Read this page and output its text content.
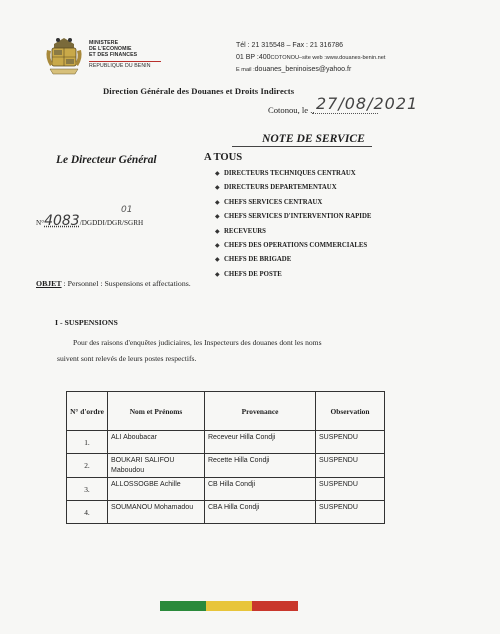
MINISTERE
DE L'ECONOMIE
ET DES FINANCES
REPUBLIQUE DU BENIN
Tél : 21 315548 – Fax : 21 316786
01 BP :400COTONOU–site web :www.douanes-benin.net
E mail :douanes_beninoises@yahoo.fr
Direction Générale des Douanes et Droits Indirects
27/08/2021
Cotonou, le ..
NOTE DE SERVICE
Le Directeur Général	A TOUS
◆ DIRECTEURS TECHNIQUES CENTRAUX
◆ DIRECTEURS DEPARTEMENTAUX
◆ CHEFS SERVICES CENTRAUX
◆ CHEFS SERVICES D'INTERVENTION RAPIDE
◆ RECEVEURS
◆ CHEFS DES OPERATIONS COMMERCIALES
◆ CHEFS DE BRIGADE
◆ CHEFS DE POSTE
N°4083/DGDDI/DGR/SGRH
01
OBJET : Personnel : Suspensions et affectations.
I - SUSPENSIONS
Pour des raisons d'enquêtes judiciaires, les Inspecteurs des douanes dont les noms
suivent sont relevés de leurs postes respectifs.
N° d'ordre	Nom et Prénoms	Provenance	Observation
1.	ALI Aboubacar	Receveur Hilla Condji	SUSPENDU

2.	BOUKARI SALIFOU Maboudou	Recette Hilla Condji	SUSPENDU

3.	ALLOSSOGBE Achille	CB Hilla Condji	SUSPENDU

4.	SOUMANOU Mohamadou	CBA Hilla Condji	SUSPENDU
